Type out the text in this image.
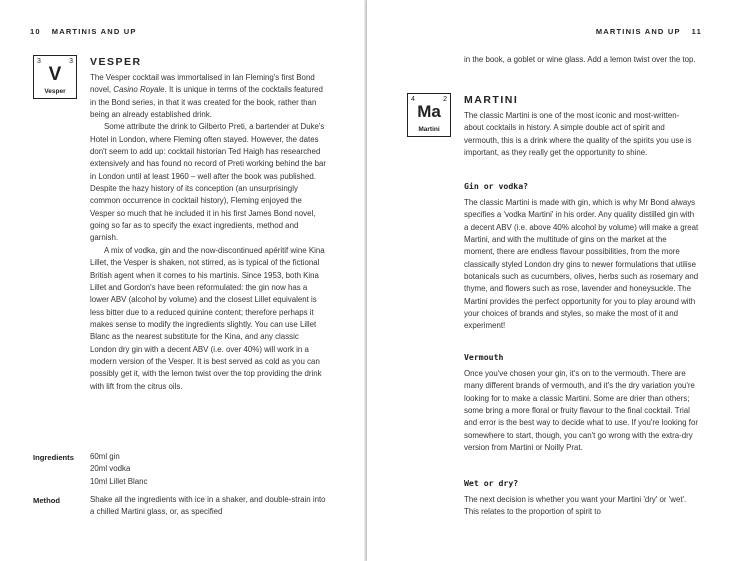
10 MARTINIS AND UP
3	3
V
Vesper
VESPER

The Vesper cocktail was immortalised in Ian Fleming's first Bond novel, Casino Royale. It is unique in terms of the cocktails featured in the Bond series, in that it was created for the book, rather than being an already established drink.

Some attribute the drink to Gilberto Preti, a bartender at Duke's Hotel in London, where Fleming often stayed. However, the dates don't seem to add up: cocktail historian Ted Haigh has researched extensively and has found no record of Preti working behind the bar in London until at least 1960 – well after the book was published. Despite the hazy history of its conception (an unsurprisingly common occurrence in cocktail history), Fleming enjoyed the Vesper so much that he included it in his first James Bond novel, going so far as to specify the exact ingredients, method and garnish.

A mix of vodka, gin and the now-discontinued apéritif wine Kina Lillet, the Vesper is shaken, not stirred, as is typical of the fictional British agent when it comes to his martinis. Since 1953, both Kina Lillet and Gordon's have been reformulated: the gin now has a lower ABV (alcohol by volume) and the closest Lillet equivalent is less bitter due to a reduced quinine content; therefore perhaps it makes sense to modify the ingredients slightly. You can use Lillet Blanc as the nearest substitute for the Kina, and any classic London dry gin with a decent ABV (i.e. over 40%) will work in a modern version of the Vesper. It is best served as cold as you can possibly get it, with the lemon twist over the top providing the drink with lift from the citrus oils.

Ingredients 60ml gin

20ml vodka

10ml Lillet Blanc

Method	Shake all the ingredients with ice in a shaker, and double-strain into a chilled Martini glass, or, as specified
MARTINIS AND UP 11
in the book, a goblet or wine glass. Add a lemon twist over the top.
4	2
Ma
Martini
MARTINI
The classic Martini is one of the most iconic and most-written-about cocktails in history. A simple double act of spirit and vermouth, this is a drink where the quality of the spirits you use is important, as they really get the opportunity to shine.
Gin or vodka?
The classic Martini is made with gin, which is why Mr Bond always specifies a 'vodka Martini' in his order. Any quality distilled gin with a decent ABV (i.e. above 40% alcohol by volume) will make a great Martini, and with the multitude of gins on the market at the moment, there are endless flavour possibilities, from the more classically styled London dry gins to newer formulations that utilise botanicals such as cucumbers, olives, herbs such as rosemary and thyme, and flowers such as rose, lavender and honeysuckle. The Martini provides the perfect opportunity for you to play around with your choices of brands and styles, so make the most of it and experiment!
Vermouth
Once you've chosen your gin, it's on to the vermouth. There are many different brands of vermouth, and it's the dry variation you're looking for to make a classic Martini. Some are drier than others; some bring a more floral or fruity flavour to the final cocktail. Trial and error is the best way to decide what to use. If you're looking for somewhere to start, though, you can't go wrong with the extra-dry version from Martini or Noilly Prat.
Wet or dry?
The next decision is whether you want your Martini 'dry' or 'wet'. This relates to the proportion of spirit to
